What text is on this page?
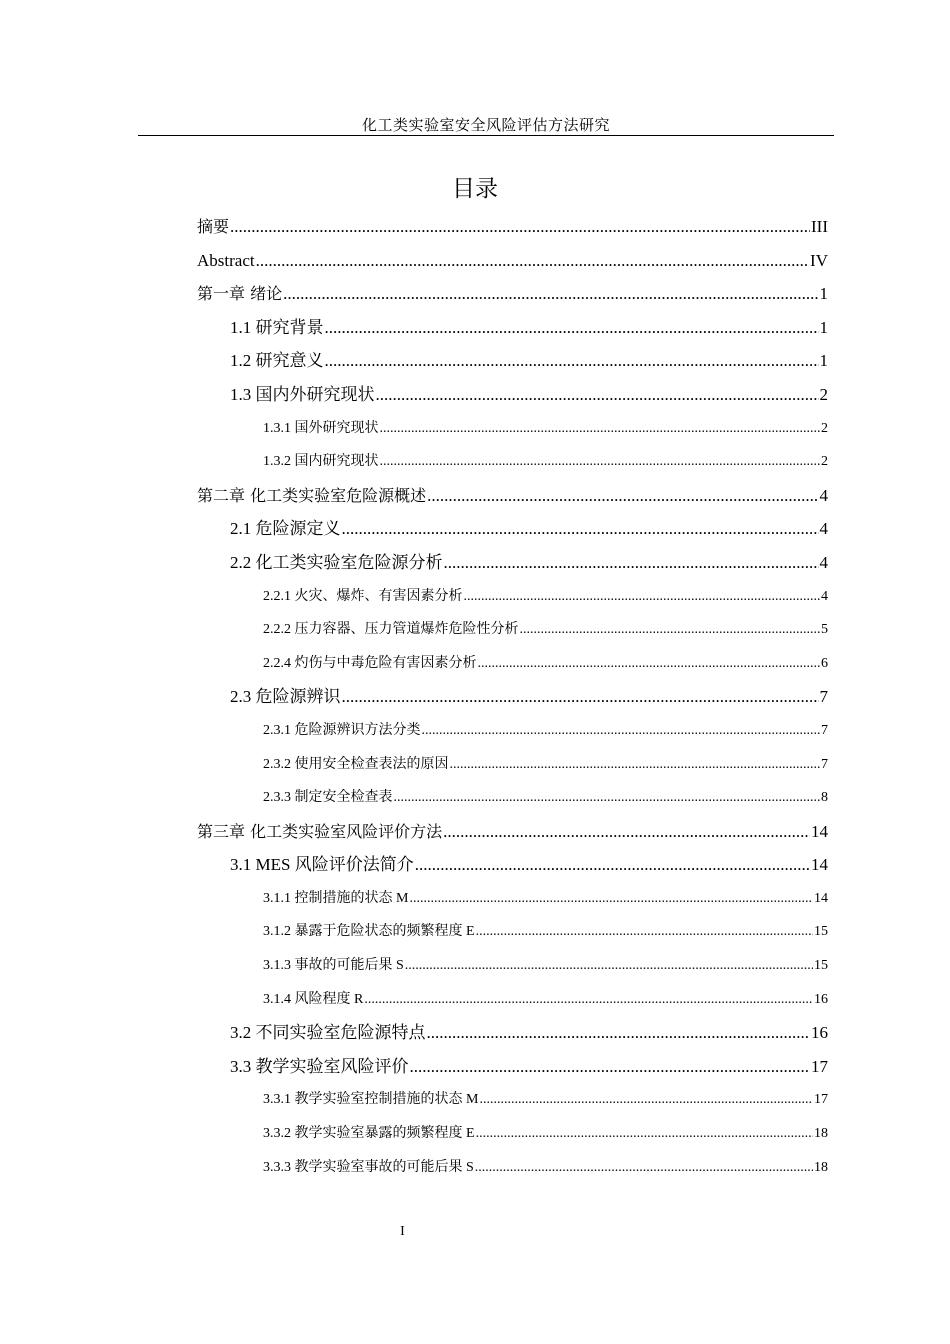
化工类实验室安全风险评估方法研究
目录
摘要 .....	III
Abstract .....	IV
第一章 绪论 .....	1
1.1 研究背景 .....	1
1.2 研究意义 .....	1
1.3 国内外研究现状 .....	2
1.3.1 国外研究现状 .....	2
1.3.2 国内研究现状 .....	2
第二章 化工类实验室危险源概述 .....	4
2.1 危险源定义 .....	4
2.2 化工类实验室危险源分析 .....	4
2.2.1 火灾、爆炸、有害因素分析 .....	4
2.2.2 压力容器、压力管道爆炸危险性分析 .....	5
2.2.4 灼伤与中毒危险有害因素分析 .....	6
2.3 危险源辨识 .....	7
2.3.1 危险源辨识方法分类 .....	7
2.3.2 使用安全检查表法的原因 .....	7
2.3.3 制定安全检查表 .....	8
第三章 化工类实验室风险评价方法 .....	14
3.1 MES 风险评价法简介 .....	14
3.1.1 控制措施的状态 M .....	14
3.1.2 暴露于危险状态的频繁程度 E .....	15
3.1.3 事故的可能后果 S .....	15
3.1.4 风险程度 R .....	16
3.2 不同实验室危险源特点 .....	16
3.3 教学实验室风险评价 .....	17
3.3.1 教学实验室控制措施的状态 M .....	17
3.3.2 教学实验室暴露的频繁程度 E .....	18
3.3.3 教学实验室事故的可能后果 S .....	18
I
